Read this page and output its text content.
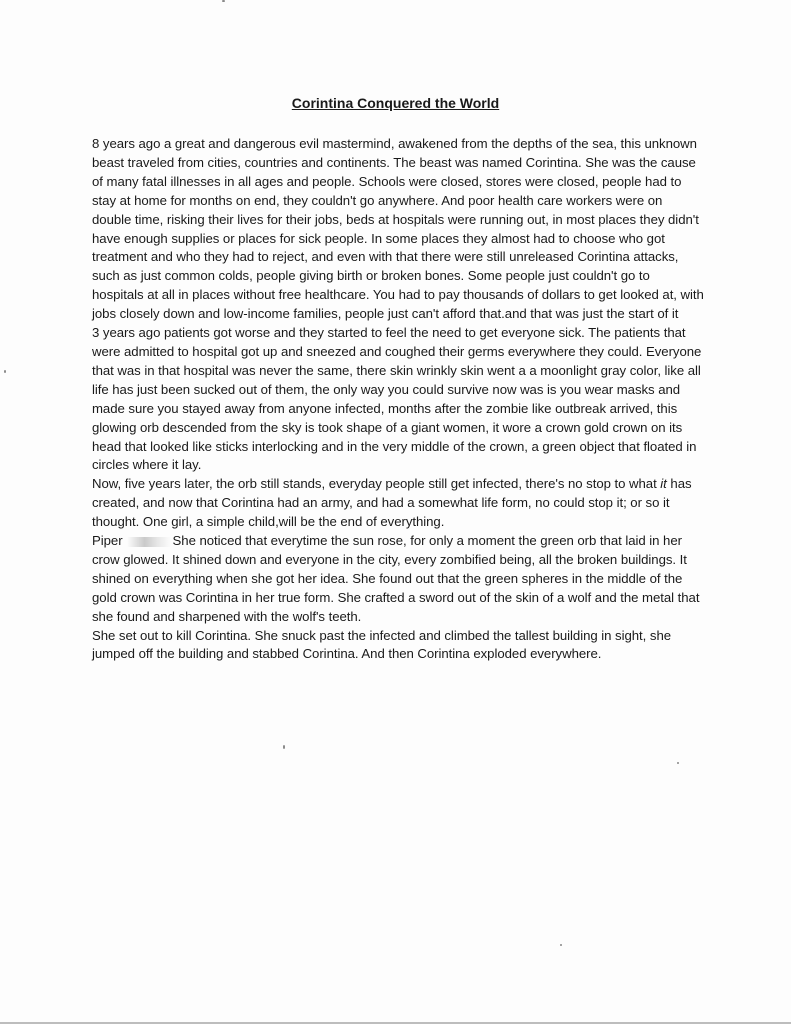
Corintina Conquered the World

8 years ago a great and dangerous evil mastermind, awakened from the depths of the sea, this unknown beast traveled from cities, countries and continents. The beast was named Corintina. She was the cause of many fatal illnesses in all ages and people. Schools were closed, stores were closed, people had to stay at home for months on end, they couldn't go anywhere. And poor health care workers were on double time, risking their lives for their jobs, beds at hospitals were running out, in most places they didn't have enough supplies or places for sick people. In some places they almost had to choose who got treatment and who they had to reject, and even with that there were still unreleased Corintina attacks, such as just common colds, people giving birth or broken bones. Some people just couldn't go to hospitals at all in places without free healthcare. You had to pay thousands of dollars to get looked at, with jobs closely down and low-income families, people just can't afford that.and that was just the start of it

3 years ago patients got worse and they started to feel the need to get everyone sick. The patients that were admitted to hospital got up and sneezed and coughed their germs everywhere they could. Everyone that was in that hospital was never the same, there skin wrinkly skin went a a moonlight gray color, like all life has just been sucked out of them, the only way you could survive now was is you wear masks and made sure you stayed away from anyone infected, months after the zombie like outbreak arrived, this glowing orb descended from the sky is took shape of a giant women, it wore a crown gold crown on its head that looked like sticks interlocking and in the very middle of the crown, a green object that floated in circles where it lay.

Now, five years later, the orb still stands, everyday people still get infected, there's no stop to what it has created, and now that Corintina had an army, and had a somewhat life form, no could stop it; or so it thought. One girl, a simple child,will be the end of everything.

Piper	She noticed that everytime the sun rose, for only a moment the green orb that laid in her crow glowed. It shined down and everyone in the city, every zombified being, all the broken buildings. It shined on everything when she got her idea. She found out that the green spheres in the middle of the gold crown was Corintina in her true form. She crafted a sword out of the skin of a wolf and the metal that she found and sharpened with the wolf's teeth.

She set out to kill Corintina. She snuck past the infected and climbed the tallest building in sight, she jumped off the building and stabbed Corintina. And then Corintina exploded everywhere.
